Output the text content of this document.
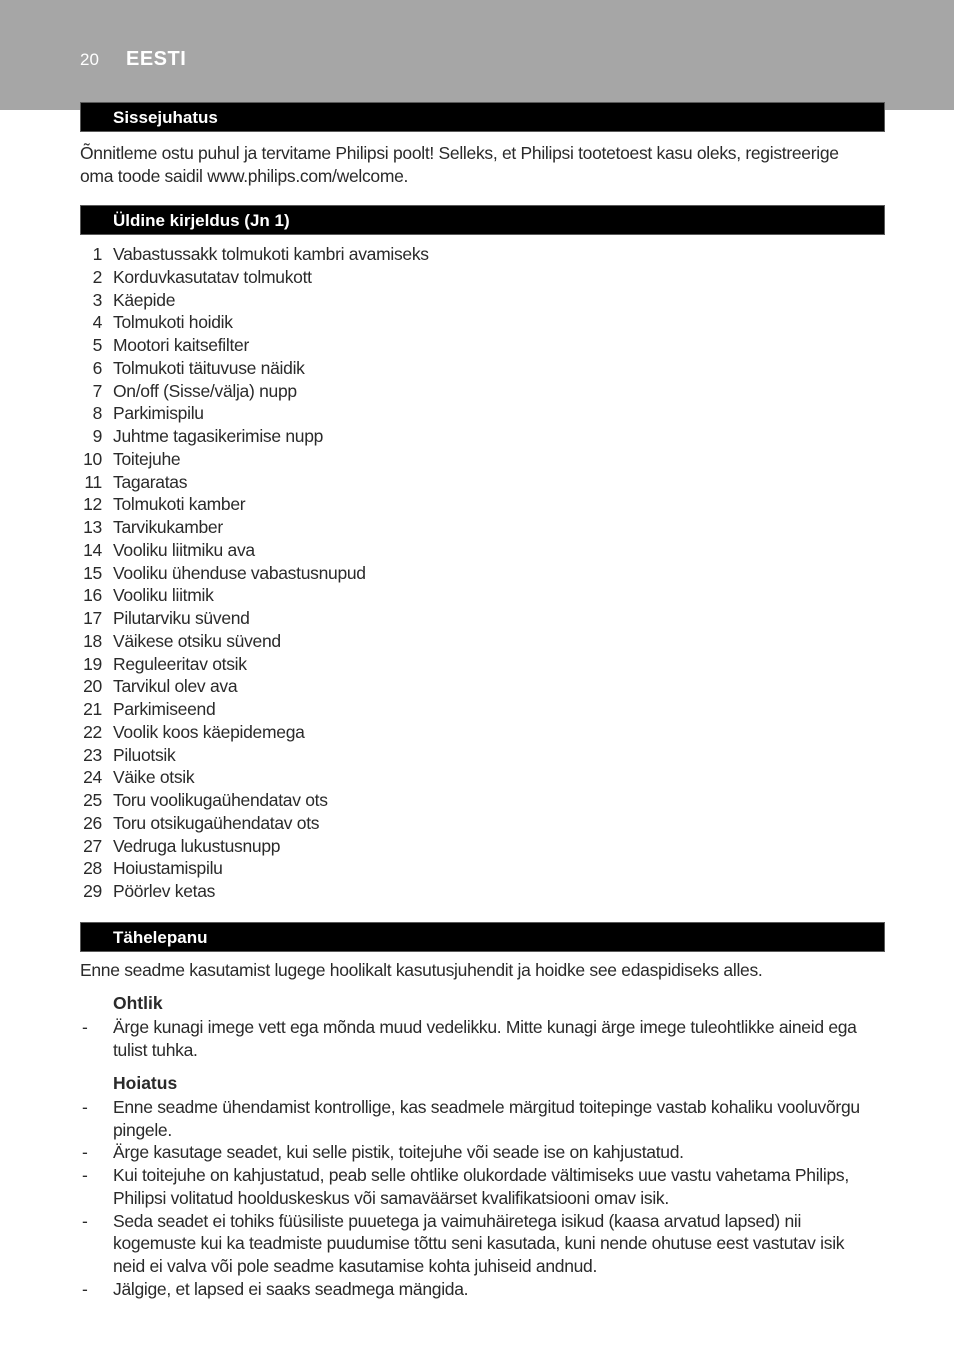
20 EESTI
Sissejuhatus
Õnnitleme ostu puhul ja tervitame Philipsi poolt! Selleks, et Philipsi tootetoest kasu oleks, registreerige oma toode saidil www.philips.com/welcome.
Üldine kirjeldus (Jn 1)
1 Vabastussakk tolmukoti kambri avamiseks
2 Korduvkasutatav tolmukott
3 Käepide
4 Tolmukoti hoidik
5 Mootori kaitsefilter
6 Tolmukoti täituvuse näidik
7 On/off (Sisse/välja) nupp
8 Parkimispilu
9 Juhtme tagasikerimise nupp
10 Toitejuhe
11 Tagaratas
12 Tolmukoti kamber
13 Tarvikukamber
14 Vooliku liitmiku ava
15 Vooliku ühenduse vabastusnupud
16 Vooliku liitmik
17 Pilutarviku süvend
18 Väikese otsiku süvend
19 Reguleeritav otsik
20 Tarvikul olev ava
21 Parkimiseend
22 Voolik koos käepidemega
23 Piluotsik
24 Väike otsik
25 Toru voolikugaühendatav ots
26 Toru otsikugaühendatav ots
27 Vedruga lukustusnupp
28 Hoiustamispilu
29 Pöörlev ketas
Tähelepanu
Enne seadme kasutamist lugege hoolikalt kasutusjuhendit ja hoidke see edaspidiseks alles.
Ohtlik
- Ärge kunagi imege vett ega mõnda muud vedelikku. Mitte kunagi ärge imege tuleohtlikke aineid ega tulist tuhka.
Hoiatus
- Enne seadme ühendamist kontrollige, kas seadmele märgitud toitepinge vastab kohaliku vooluvõrgu pingele.
- Ärge kasutage seadet, kui selle pistik, toitejuhe või seade ise on kahjustatud.
- Kui toitejuhe on kahjustatud, peab selle ohtlike olukordade vältimiseks uue vastu vahetama Philips, Philipsi volitatud hoolduskeskus või samaväärset kvalifikatsiooni omav isik.
- Seda seadet ei tohiks füüsiliste puuetega ja vaimuhäiretega isikud (kaasa arvatud lapsed) nii kogemuste kui ka teadmiste puudumise tõttu seni kasutada, kuni nende ohutuse eest vastutav isik neid ei valva või pole seadme kasutamise kohta juhiseid andnud.
- Jälgige, et lapsed ei saaks seadmega mängida.
